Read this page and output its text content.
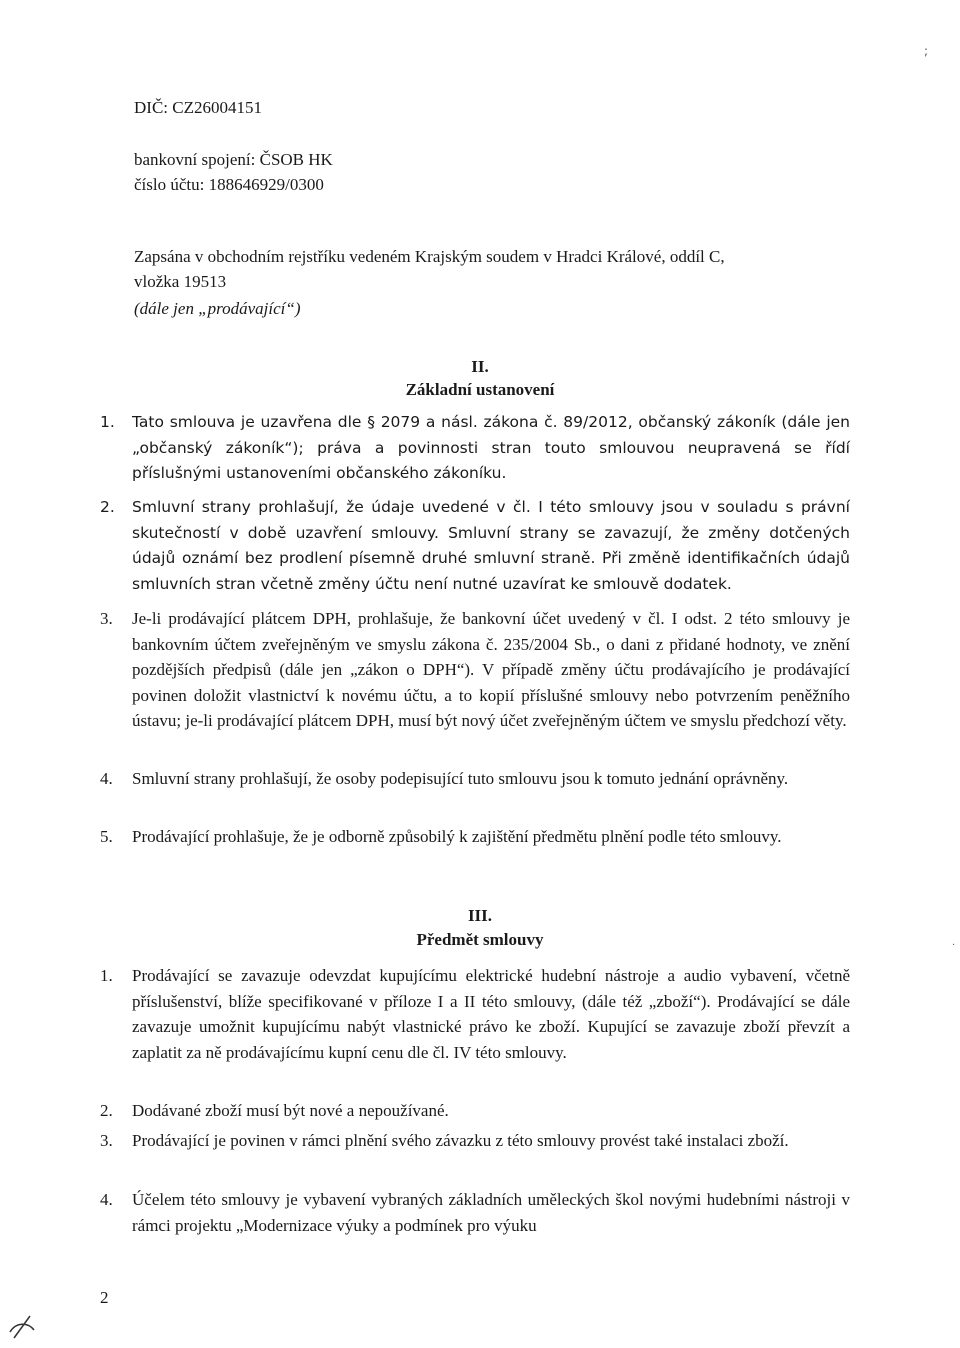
DIČ: CZ26004151
bankovní spojení: ČSOB HK
číslo účtu: 188646929/0300
Zapsána v obchodním rejstříku vedeném Krajským soudem v Hradci Králové, oddíl C,
vložka 19513
(dále jen „prodávající“)
II.
Základní ustanovení
1. Tato smlouva je uzavřena dle § 2079 a násl. zákona č. 89/2012, občanský zákoník (dále jen „občanský zákoník“); práva a povinnosti stran touto smlouvou neupravená se řídí příslušnými ustanoveními občanského zákoníku.
2. Smluvní strany prohlašují, že údaje uvedené v čl. I této smlouvy jsou v souladu s právní skutečností v době uzavření smlouvy. Smluvní strany se zavazují, že změny dotčených údajů oznámí bez prodlení písemně druhé smluvní straně. Při změně identifikačních údajů smluvních stran včetně změny účtu není nutné uzavírat ke smlouvě dodatek.
3. Je-li prodávající plátcem DPH, prohlašuje, že bankovní účet uvedený v čl. I odst. 2 této smlouvy je bankovním účtem zveřejněným ve smyslu zákona č. 235/2004 Sb., o dani z přidané hodnoty, ve znění pozdějších předpisů (dále jen „zákon o DPH“). V případě změny účtu prodávajícího je prodávající povinen doložit vlastnictví k novému účtu, a to kopií příslušné smlouvy nebo potvrzením peněžního ústavu; je-li prodávající plátcem DPH, musí být nový účet zveřejněným účtem ve smyslu předchozí věty.
4. Smluvní strany prohlašují, že osoby podepisující tuto smlouvu jsou k tomuto jednání oprávněny.
5. Prodávající prohlašuje, že je odborně způsobilý k zajištění předmětu plnění podle této smlouvy.
III.
Předmět smlouvy
1. Prodávající se zavazuje odevzdat kupujícímu elektrické hudební nástroje a audio vybavení, včetně příslušenství, blíže specifikované v příloze I a II této smlouvy, (dále též „zboží“). Prodávající se dále zavazuje umožnit kupujícímu nabýt vlastnické právo ke zboží. Kupující se zavazuje zboží převzít a zaplatit za ně prodávajícímu kupní cenu dle čl. IV této smlouvy.
2. Dodávané zboží musí být nové a nepoužívané.
3. Prodávající je povinen v rámci plnění svého závazku z této smlouvy provést také instalaci zboží.
4. Účelem této smlouvy je vybavení vybraných základních uměleckých škol novými hudebními nástroji v rámci projektu „Modernizace výuky a podmínek pro výuku
2
;
·
